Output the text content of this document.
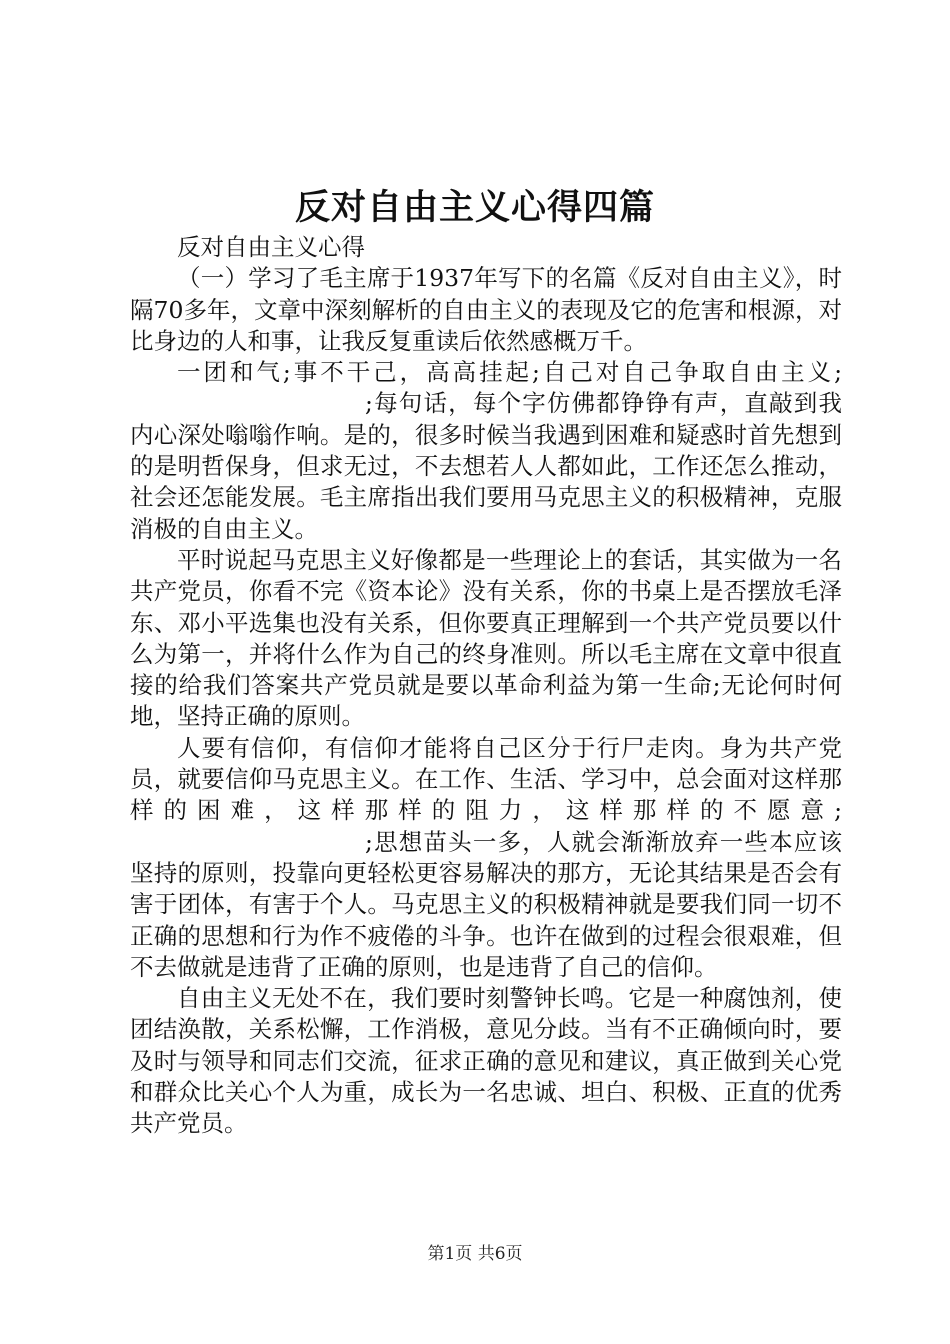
反对自由主义心得四篇

反对自由主义心得

（一）学习了毛主席于1937年写下的名篇《反对自由主义》，时隔70多年，文章中深刻解析的自由主义的表现及它的危害和根源，对比身边的人和事，让我反复重读后依然感概万千。

一团和气;事不干己，高高挂起;自己对自己争取自由主义;;每句话，每个字仿佛都铮铮有声，直敲到我内心深处嗡嗡作响。是的，很多时候当我遇到困难和疑惑时首先想到的是明哲保身，但求无过，不去想若人人都如此，工作还怎么推动，社会还怎能发展。毛主席指出我们要用马克思主义的积极精神，克服消极的自由主义。

平时说起马克思主义好像都是一些理论上的套话，其实做为一名共产党员，你看不完《资本论》没有关系，你的书桌上是否摆放毛泽东、邓小平选集也没有关系，但你要真正理解到一个共产党员要以什么为第一，并将什么作为自己的终身准则。所以毛主席在文章中很直接的给我们答案共产党员就是要以革命利益为第一生命;无论何时何地，坚持正确的原则。

人要有信仰，有信仰才能将自己区分于行尸走肉。身为共产党员，就要信仰马克思主义。在工作、生活、学习中，总会面对这样那样的困难，这样那样的阻力，这样那样的不愿意;;思想苗头一多，人就会渐渐放弃一些本应该坚持的原则，投靠向更轻松更容易解决的那方，无论其结果是否会有害于团体，有害于个人。马克思主义的积极精神就是要我们同一切不正确的思想和行为作不疲倦的斗争。也许在做到的过程会很艰难，但不去做就是违背了正确的原则，也是违背了自己的信仰。

自由主义无处不在，我们要时刻警钟长鸣。它是一种腐蚀剂，使团结涣散，关系松懈，工作消极，意见分歧。当有不正确倾向时，要及时与领导和同志们交流，征求正确的意见和建议，真正做到关心党和群众比关心个人为重，成长为一名忠诚、坦白、积极、正直的优秀共产党员。

第1页 共6页
